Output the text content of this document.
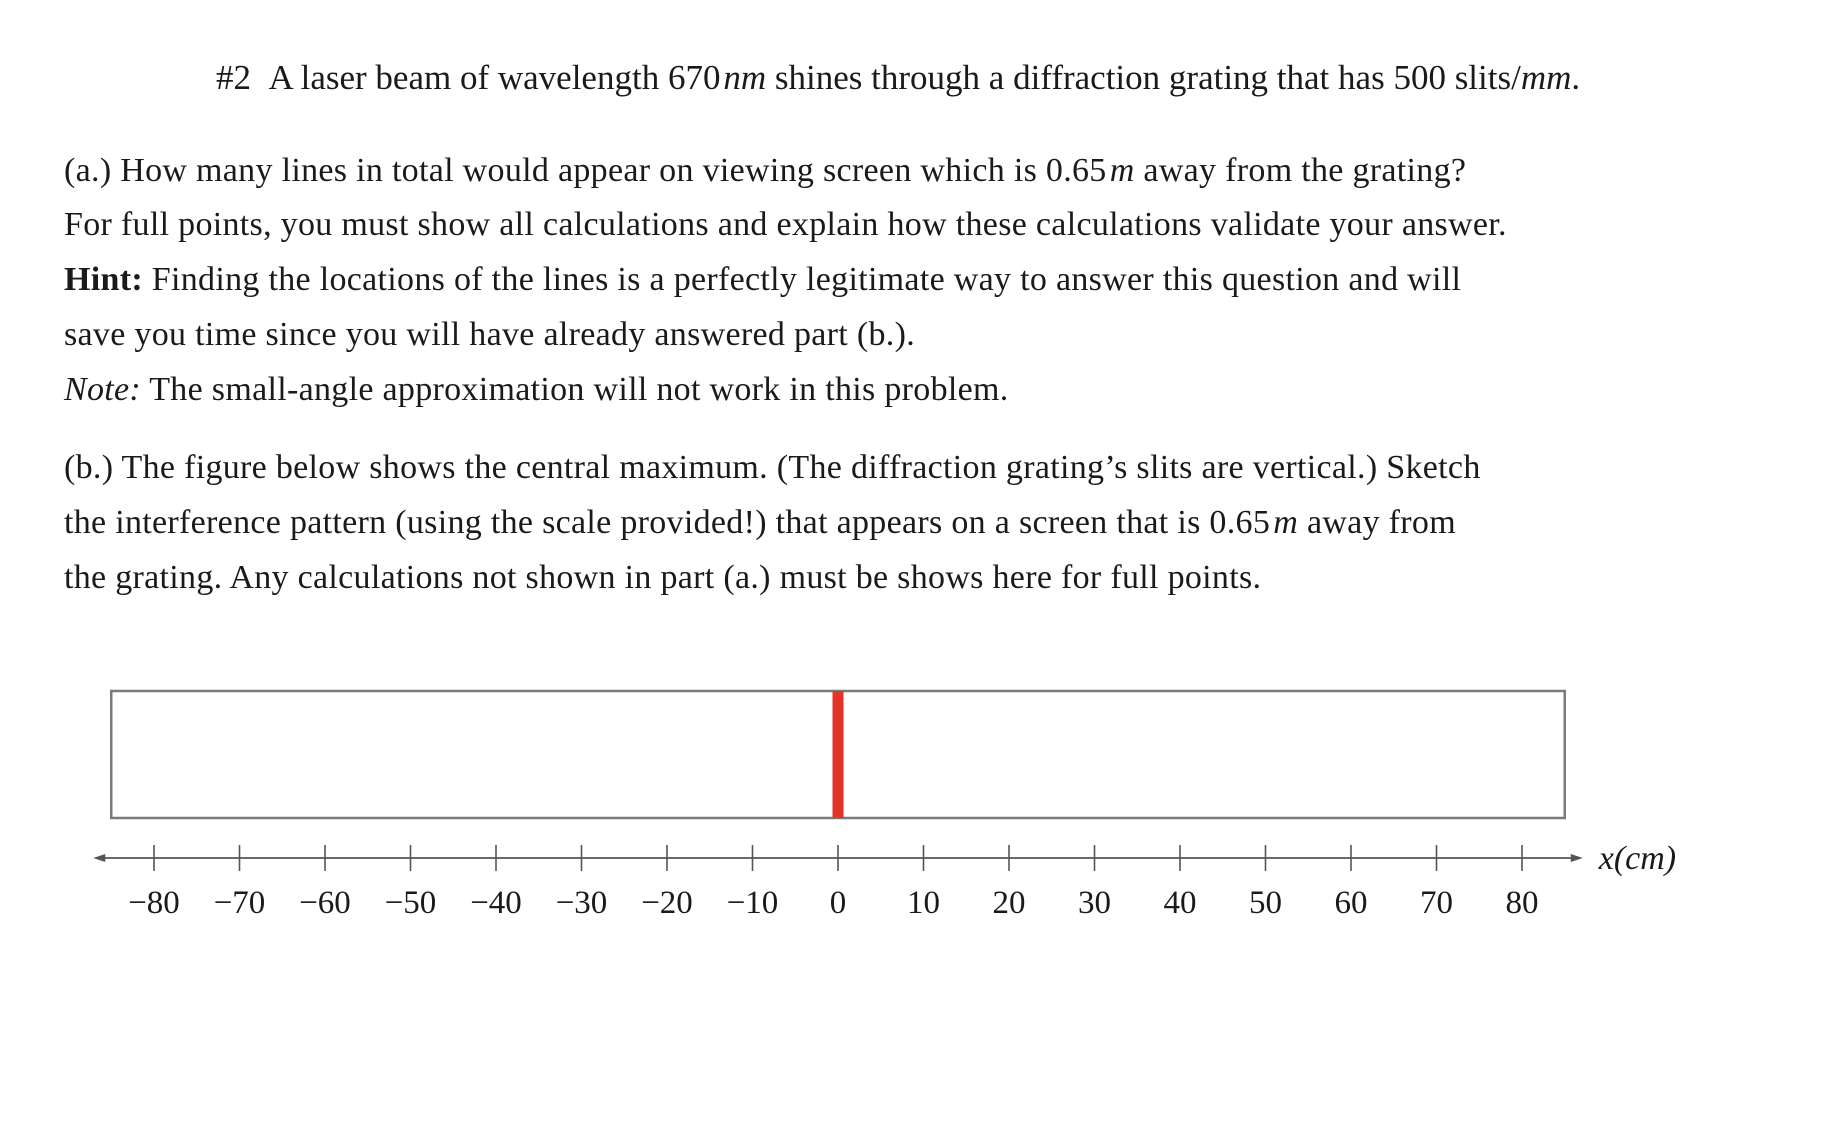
#2 A laser beam of wavelength 670 nm shines through a diffraction grating that has 500 slits/mm.
(a.) How many lines in total would appear on viewing screen which is 0.65 m away from the grating?
For full points, you must show all calculations and explain how these calculations validate your answer.
Hint: Finding the locations of the lines is a perfectly legitimate way to answer this question and will
save you time since you will have already answered part (b.).
Note: The small-angle approximation will not work in this problem.
(b.) The figure below shows the central maximum. (The diffraction grating’s slits are vertical.) Sketch
the interference pattern (using the scale provided!) that appears on a screen that is 0.65 m away from
the grating. Any calculations not shown in part (a.) must be shows here for full points.
−80 −70 −60 −50 −40 −30 −20 −10 0 10 20 30 40 50 60 70 80
x(cm)
